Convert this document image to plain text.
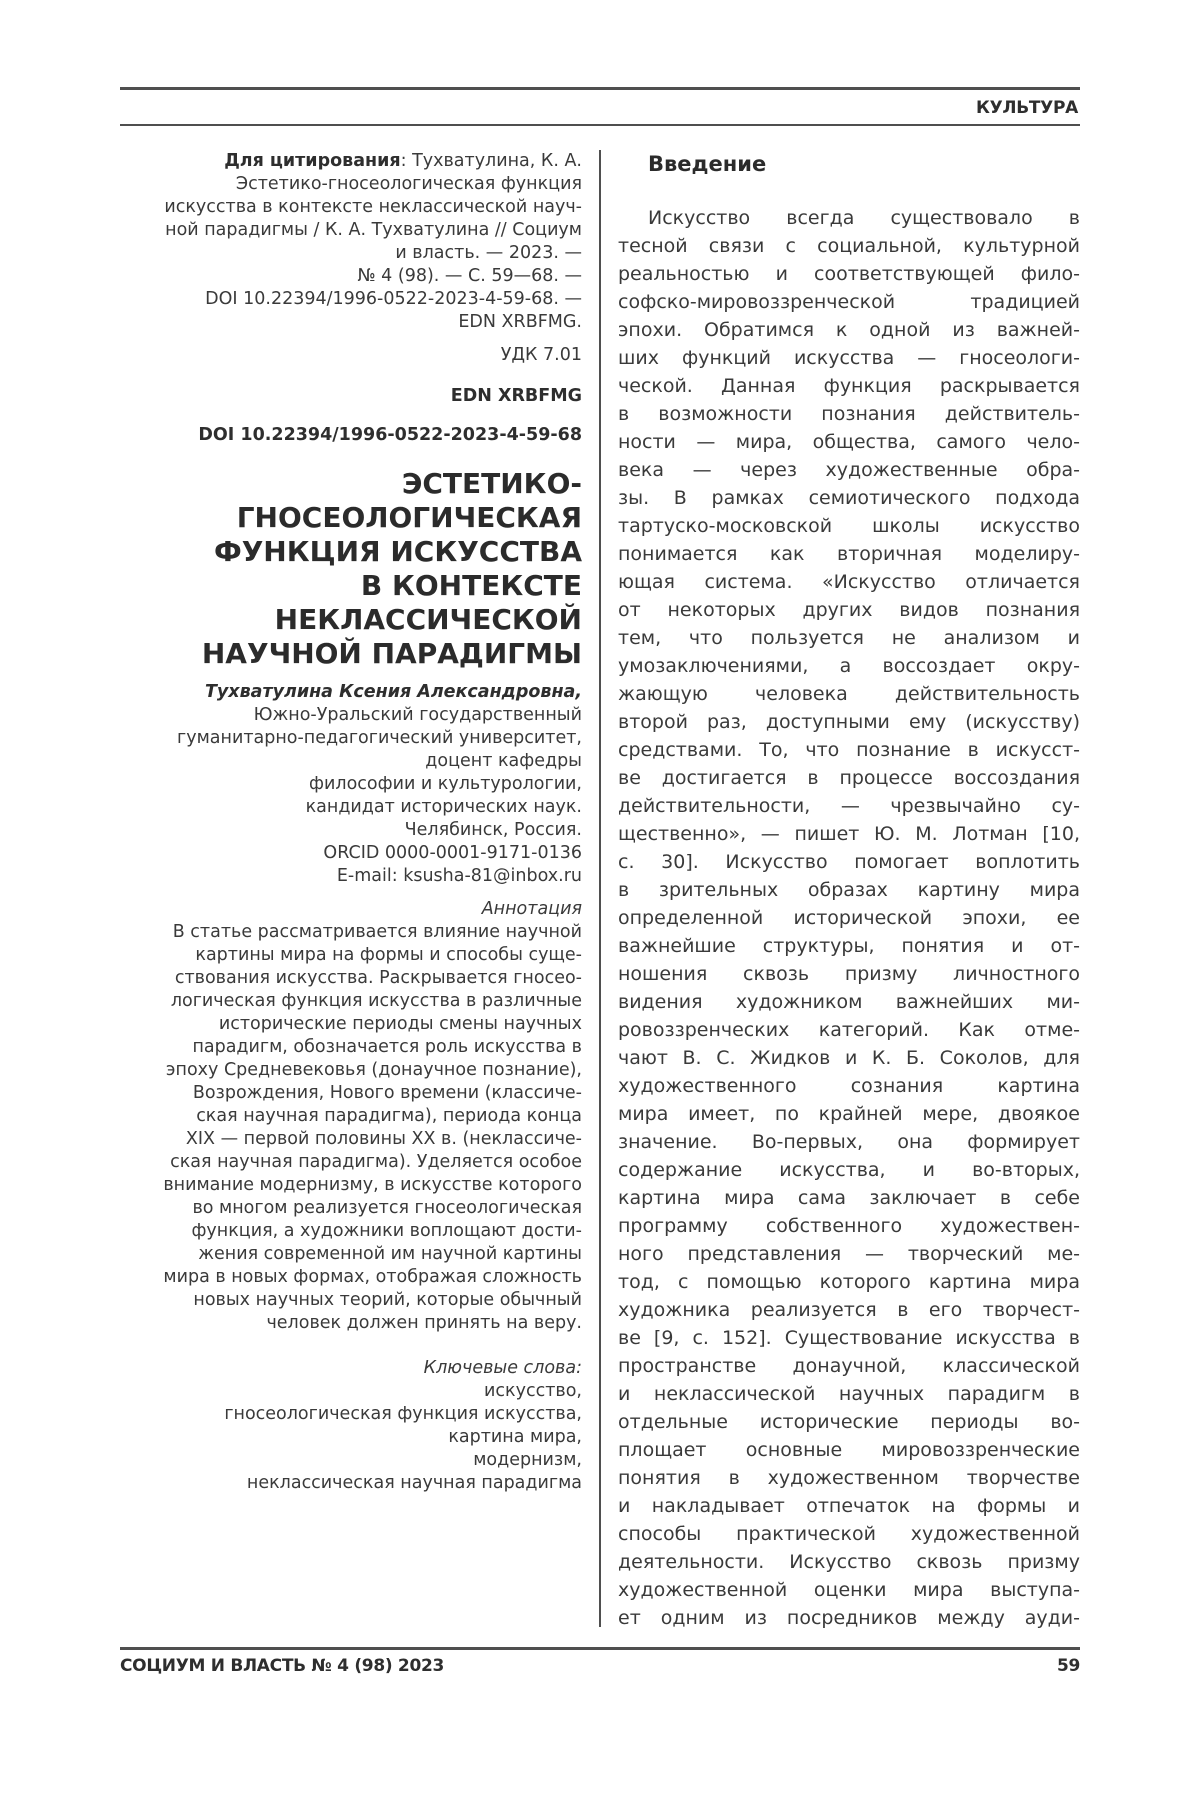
КУЛЬТУРА
Для цитирования: Тухватулина, К. А.
Эстетико-гносеологическая функция
искусства в контексте неклассической науч-
ной парадигмы / К. А. Тухватулина // Социум
и власть. — 2023. —
№ 4 (98). — С. 59—68. —
DOI 10.22394/1996-0522-2023-4-59-68. —
EDN XRBFMG.
УДК 7.01
EDN XRBFMG
DOI 10.22394/1996-0522-2023-4-59-68
ЭСТЕТИКО-
ГНОСЕОЛОГИЧЕСКАЯ
ФУНКЦИЯ ИСКУССТВА
В КОНТЕКСТЕ
НЕКЛАССИЧЕСКОЙ
НАУЧНОЙ ПАРАДИГМЫ
Тухватулина Ксения Александровна,
Южно-Уральский государственный
гуманитарно-педагогический университет,
доцент кафедры
философии и культурологии,
кандидат исторических наук.
Челябинск, Россия.
ORCID 0000-0001-9171-0136
E-mail: ksusha-81@inbox.ru
Аннотация
В статье рассматривается влияние научной
картины мира на формы и способы суще-
ствования искусства. Раскрывается гносео-
логическая функция искусства в различные
исторические периоды смены научных
парадигм, обозначается роль искусства в
эпоху Средневековья (донаучное познание),
Возрождения, Нового времени (классиче-
ская научная парадигма), периода конца
XIX — первой половины XX в. (неклассиче-
ская научная парадигма). Уделяется особое
внимание модернизму, в искусстве которого
во многом реализуется гносеологическая
функция, а художники воплощают дости-
жения современной им научной картины
мира в новых формах, отображая сложность
новых научных теорий, которые обычный
человек должен принять на веру.
Ключевые слова:
искусство,
гносеологическая функция искусства,
картина мира,
модернизм,
неклассическая научная парадигма
Введение
Искусство всегда существовало в
тесной связи с социальной, культурной
реальностью и соответствующей фило-
софско-мировоззренческой традицией
эпохи. Обратимся к одной из важней-
ших функций искусства — гносеологи-
ческой. Данная функция раскрывается
в возможности познания действитель-
ности — мира, общества, самого чело-
века — через художественные обра-
зы. В рамках семиотического подхода
тартуско-московской школы искусство
понимается как вторичная моделиру-
ющая система. «Искусство отличается
от некоторых других видов познания
тем, что пользуется не анализом и
умозаключениями, а воссоздает окру-
жающую человека действительность
второй раз, доступными ему (искусству)
средствами. То, что познание в искусст-
ве достигается в процессе воссоздания
действительности, — чрезвычайно су-
щественно», — пишет Ю. М. Лотман [10,
с. 30]. Искусство помогает воплотить
в зрительных образах картину мира
определенной исторической эпохи, ее
важнейшие структуры, понятия и от-
ношения сквозь призму личностного
видения художником важнейших ми-
ровоззренческих категорий. Как отме-
чают В. С. Жидков и К. Б. Соколов, для
художественного сознания картина
мира имеет, по крайней мере, двоякое
значение. Во-первых, она формирует
содержание искусства, и во-вторых,
картина мира сама заключает в себе
программу собственного художествен-
ного представления — творческий ме-
тод, с помощью которого картина мира
художника реализуется в его творчест-
ве [9, с. 152]. Существование искусства в
пространстве донаучной, классической
и неклассической научных парадигм в
отдельные исторические периоды во-
площает основные мировоззренческие
понятия в художественном творчестве
и накладывает отпечаток на формы и
способы практической художественной
деятельности. Искусство сквозь призму
художественной оценки мира выступа-
ет одним из посредников между ауди-
СОЦИУМ И ВЛАСТЬ № 4 (98) 2023	59
